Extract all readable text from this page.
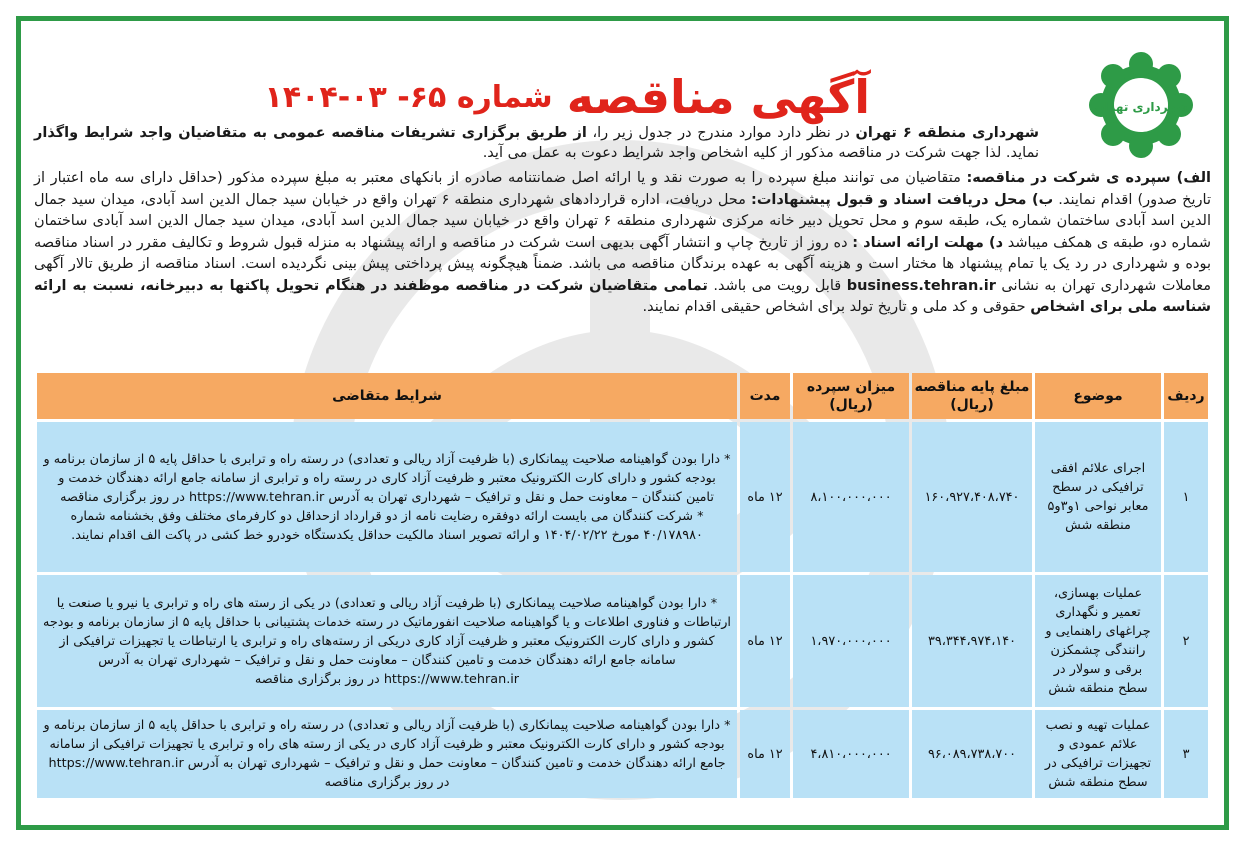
شهرداری تهران
آگهی مناقصه
شماره ۶۵- ۰۳-۱۴۰۴
شهرداری منطقه ۶ تهران در نظر دارد موارد مندرج در جدول زیر را، از طریق برگزاری تشریفات مناقصه عمومی به متقاضیان واجد شرایط واگذار نماید. لذا جهت شرکت در مناقصه مذکور از کلیه اشخاص واجد شرایط دعوت به عمل می آید.
الف) سپرده ی شرکت در مناقصه: متقاضیان می توانند مبلغ سپرده را به صورت نقد و یا ارائه اصل ضمانتنامه صادره از بانکهای معتبر به مبلغ سپرده مذکور (حداقل دارای سه ماه اعتبار از تاریخ صدور) اقدام نمایند. ب) محل دریافت اسناد و قبول پیشنهادات: محل دریافت، اداره قراردادهای شهرداری منطقه ۶ تهران واقع در خیابان سید جمال الدین اسد آبادی، میدان سید جمال الدین اسد آبادی ساختمان شماره یک، طبقه سوم و محل تحویل دبیر خانه مرکزی شهرداری منطقه ۶ تهران واقع در خیابان سید جمال الدین اسد آبادی، میدان سید جمال الدین اسد آبادی ساختمان شماره دو، طبقه ی همکف میباشد د) مهلت ارائه اسناد : ده روز از تاریخ چاپ و انتشار آگهی بدیهی است شرکت در مناقصه و ارائه پیشنهاد به منزله قبول شروط و تکالیف مقرر در اسناد مناقصه بوده و شهرداری در رد یک یا تمام پیشنهاد ها مختار است و هزینه آگهی به عهده برندگان مناقصه می باشد. ضمناً هیچگونه پیش پرداختی پیش بینی نگردیده است. اسناد مناقصه از طریق تالار آگهی معاملات شهرداری تهران به نشانی business.tehran.ir قابل رویت می باشد. تمامی متقاضیان شرکت در مناقصه موظفند در هنگام تحویل پاکتها به دبیرخانه، نسبت به ارائه شناسه ملی برای اشخاص حقوقی و کد ملی و تاریخ تولد برای اشخاص حقیقی اقدام نمایند.
ردیف	موضوع	مبلغ پایه مناقصه (ریال)	میزان سپرده (ریال)	مدت	شرایط متقاضی
۱	اجرای علائم افقی ترافیکی در سطح معابر نواحی ۱و۳و۵ منطقه شش	۱۶۰،۹۲۷،۴۰۸،۷۴۰	۸،۱۰۰،۰۰۰،۰۰۰	۱۲ ماه	* دارا بودن گواهینامه صلاحیت پیمانکاری (با ظرفیت آزاد ریالی و تعدادی) در رسته راه و ترابری با حداقل پایه ۵ از سازمان برنامه و بودجه کشور و دارای کارت الکترونیک معتبر و ظرفیت آزاد کاری در رسته راه و ترابری از سامانه جامع ارائه دهندگان خدمت و تامین کنندگان – معاونت حمل و نقل و ترافیک – شهرداری تهران به آدرس https://www.tehran.ir در روز برگزاری مناقصه
* شرکت کنندگان می بایست ارائه دوفقره رضایت نامه از دو قرارداد ازحداقل دو کارفرمای مختلف وفق بخشنامه شماره ۴۰/۱۷۸۹۸۰ مورخ ۱۴۰۴/۰۲/۲۲ و ارائه تصویر اسناد مالکیت حداقل یکدستگاه خودرو خط کشی در پاکت الف اقدام نمایند.
۲	عملیات بهسازی، تعمیر و نگهداری چراغهای راهنمایی و رانندگی چشمکزن برقی و سولار در سطح منطقه شش	۳۹،۳۴۴،۹۷۴،۱۴۰	۱،۹۷۰،۰۰۰،۰۰۰	۱۲ ماه	* دارا بودن گواهینامه صلاحیت پیمانکاری (با ظرفیت آزاد ریالی و تعدادی) در یکی از رسته های راه و ترابری یا نیرو یا صنعت یا ارتباطات و فناوری اطلاعات و یا گواهینامه صلاحیت انفورماتیک در رسته خدمات پشتیبانی با حداقل پایه ۵ از سازمان برنامه و بودجه کشور و دارای کارت الکترونیک معتبر و ظرفیت آزاد کاری دریکی از رسته‌های راه و ترابری یا ارتباطات یا تجهیزات ترافیکی از سامانه جامع ارائه دهندگان خدمت و تامین کنندگان – معاونت حمل و نقل و ترافیک – شهرداری تهران به آدرس https://www.tehran.ir در روز برگزاری مناقصه
۳	عملیات تهیه و نصب علائم عمودی و تجهیزات ترافیکی در سطح منطقه شش	۹۶،۰۸۹،۷۳۸،۷۰۰	۴،۸۱۰،۰۰۰،۰۰۰	۱۲ ماه	* دارا بودن گواهینامه صلاحیت پیمانکاری (با ظرفیت آزاد ریالی و تعدادی) در رسته راه و ترابری با حداقل پایه ۵ از سازمان برنامه و بودجه کشور و دارای کارت الکترونیک معتبر و ظرفیت آزاد کاری در یکی از رسته های راه و ترابری یا تجهیزات ترافیکی از سامانه جامع ارائه دهندگان خدمت و تامین کنندگان – معاونت حمل و نقل و ترافیک – شهرداری تهران به آدرس https://www.tehran.ir در روز برگزاری مناقصه
